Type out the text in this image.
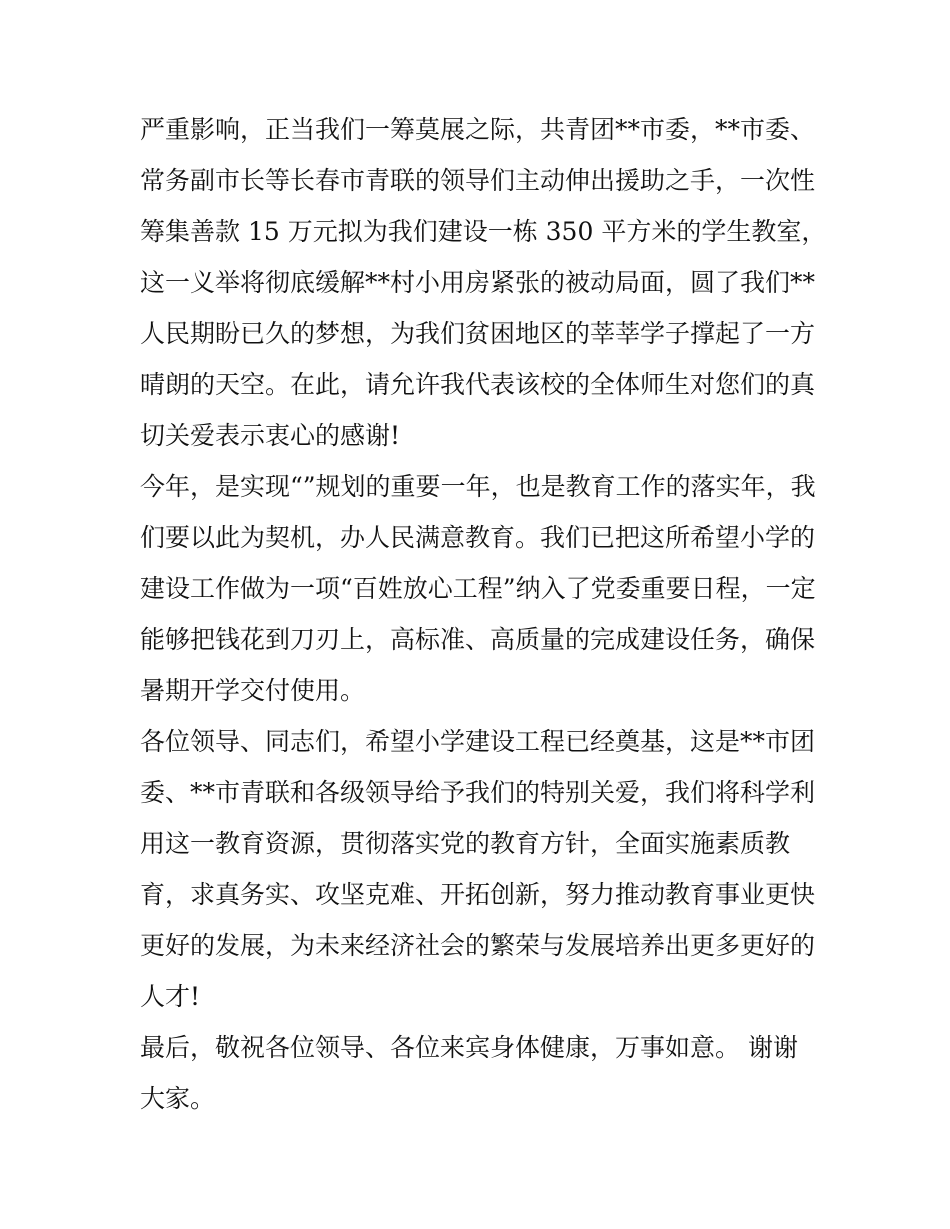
严重影响，正当我们一筹莫展之际，共青团**市委，**市委、
常务副市长等长春市青联的领导们主动伸出援助之手，一次性
筹集善款 15 万元拟为我们建设一栋 350 平方米的学生教室，
这一义举将彻底缓解**村小用房紧张的被动局面，圆了我们**
人民期盼已久的梦想，为我们贫困地区的莘莘学子撑起了一方
晴朗的天空。在此，请允许我代表该校的全体师生对您们的真
切关爱表示衷心的感谢!
今年，是实现“”规划的重要一年，也是教育工作的落实年，我
们要以此为契机，办人民满意教育。我们已把这所希望小学的
建设工作做为一项“百姓放心工程”纳入了党委重要日程，一定
能够把钱花到刀刃上，高标准、高质量的完成建设任务，确保
暑期开学交付使用。
各位领导、同志们，希望小学建设工程已经奠基，这是**市团
委、**市青联和各级领导给予我们的特别关爱，我们将科学利
用这一教育资源，贯彻落实党的教育方针，全面实施素质教
育，求真务实、攻坚克难、开拓创新，努力推动教育事业更快
更好的发展，为未来经济社会的繁荣与发展培养出更多更好的
人才!
最后，敬祝各位领导、各位来宾身体健康，万事如意。 谢谢
大家。
